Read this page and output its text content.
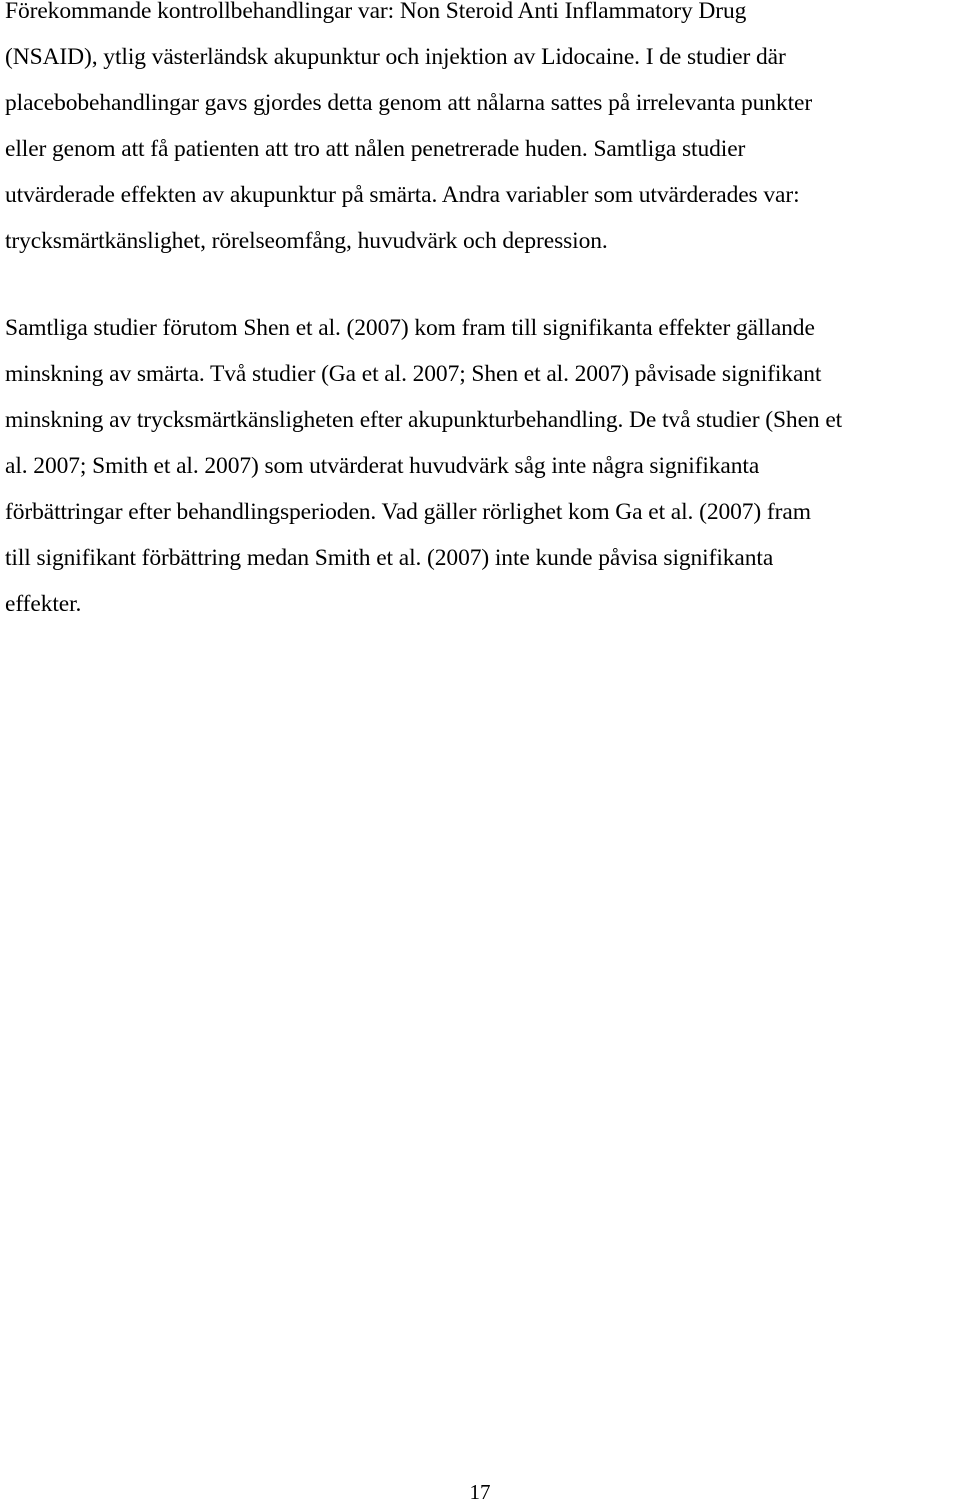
Förekommande kontrollbehandlingar var: Non Steroid Anti Inflammatory Drug
(NSAID), ytlig västerländsk akupunktur och injektion av Lidocaine. I de studier där
placebobehandlingar gavs gjordes detta genom att nålarna sattes på irrelevanta punkter
eller genom att få patienten att tro att nålen penetrerade huden. Samtliga studier
utvärderade effekten av akupunktur på smärta. Andra variabler som utvärderades var:
trycksmärtkänslighet, rörelseomfång, huvudvärk och depression.
Samtliga studier förutom Shen et al. (2007) kom fram till signifikanta effekter gällande
minskning av smärta. Två studier (Ga et al. 2007; Shen et al. 2007) påvisade signifikant
minskning av trycksmärtkänsligheten efter akupunkturbehandling. De två studier (Shen et
al. 2007; Smith et al. 2007) som utvärderat huvudvärk såg inte några signifikanta
förbättringar efter behandlingsperioden. Vad gäller rörlighet kom Ga et al. (2007) fram
till signifikant förbättring medan Smith et al. (2007) inte kunde påvisa signifikanta
effekter.
17
